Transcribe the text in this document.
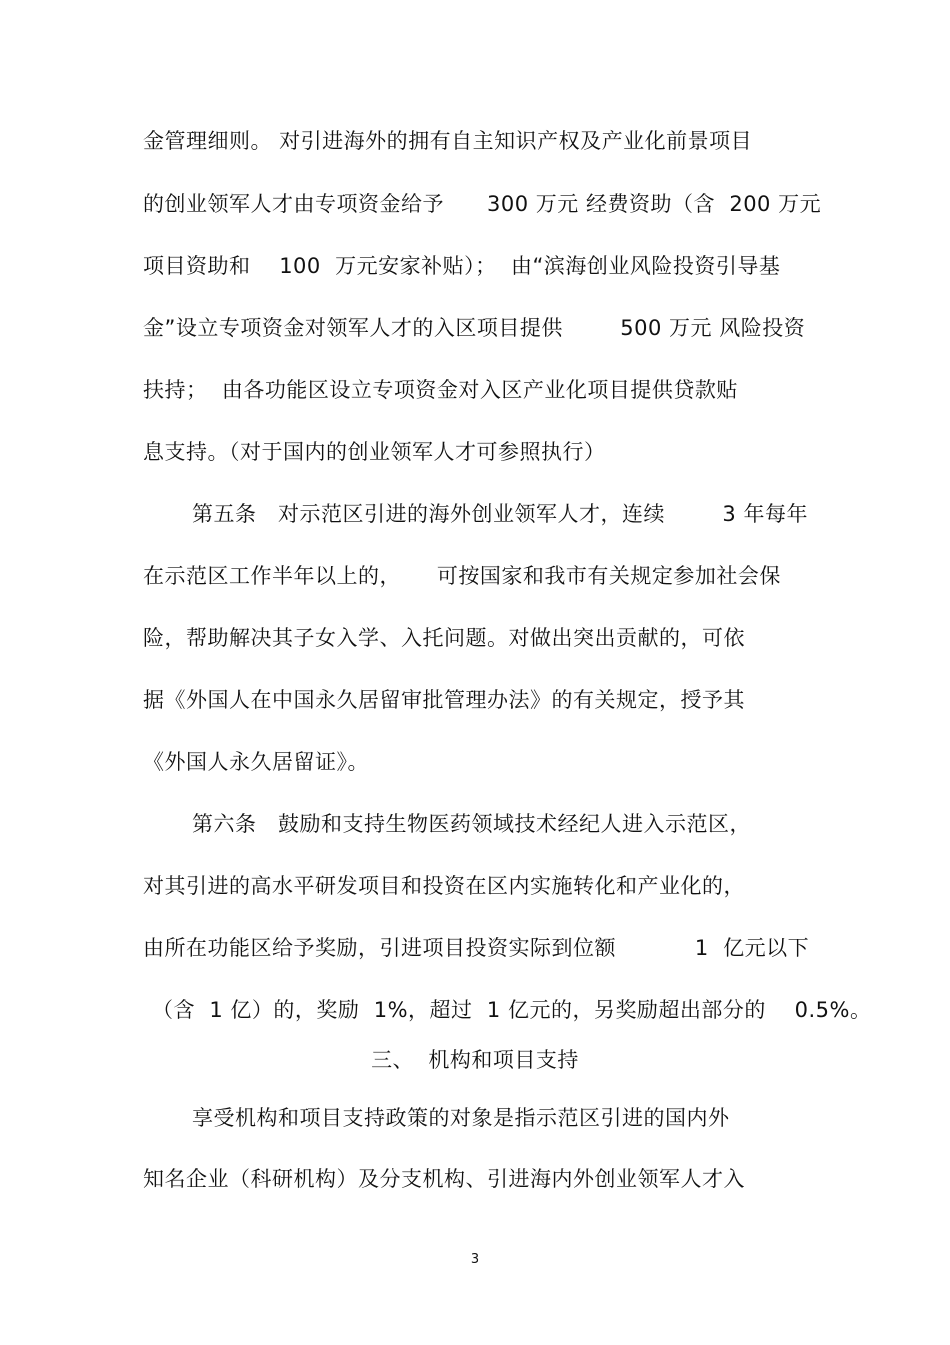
金管理细则。 对引进海外的拥有自主知识产权及产业化前景项目
的创业领军人才由专项资金给予      300 万元 经费资助（含  200 万元
项目资助和    100  万元安家补贴）；  由“滨海创业风险投资引导基
金”设立专项资金对领军人才的入区项目提供        500 万元 风险投资
扶持；  由各功能区设立专项资金对入区产业化项目提供贷款贴
息支持。（对于国内的创业领军人才可参照执行）
第五条   对示范区引进的海外创业领军人才，连续        3 年每年
在示范区工作半年以上的，     可按国家和我市有关规定参加社会保
险，帮助解决其子女入学、入托问题。对做出突出贡献的，可依
据《外国人在中国永久居留审批管理办法》的有关规定，授予其
《外国人永久居留证》。
第六条   鼓励和支持生物医药领域技术经纪人进入示范区，
对其引进的高水平研发项目和投资在区内实施转化和产业化的，
由所在功能区给予奖励，引进项目投资实际到位额           1  亿元以下
（含  1 亿）的，奖励  1%，超过  1 亿元的，另奖励超出部分的    0.5%。
三、  机构和项目支持
享受机构和项目支持政策的对象是指示范区引进的国内外
知名企业（科研机构）及分支机构、引进海内外创业领军人才入
3
